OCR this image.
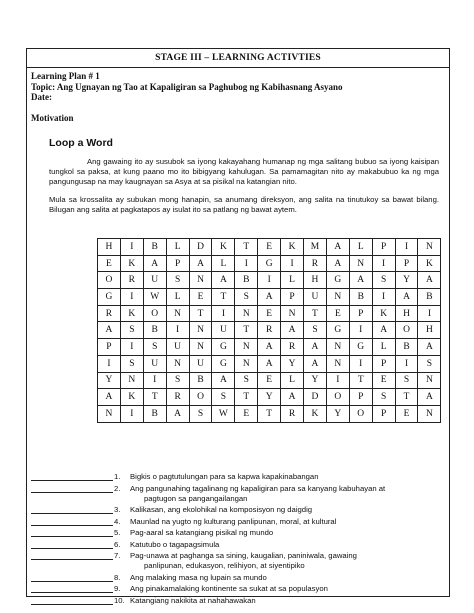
STAGE III – LEARNING ACTIVTIES
Learning Plan # 1
Topic: Ang Ugnayan ng Tao at Kapaligiran sa Paghubog ng Kabihasnang Asyano
Date:
Motivation
Loop a Word
Ang gawaing ito ay susubok sa iyong kakayahang humanap ng mga salitang bubuo sa iyong kaisipan tungkol sa paksa, at kung paano mo ito bibigyang kahulugan. Sa pamamagitan nito ay makabubuo ka ng mga pangungusap na may kaugnayan sa Asya at sa pisikal na katangian nito.
Mula sa krossalita ay subukan mong hanapin, sa anumang direksyon, ang salita na tinutukoy sa bawat bilang. Bilugan ang salita at pagkatapos ay isulat ito sa patlang ng bawat aytem.
H	I	B	L	D	K	T	E	K	M	A	L	P	I	N
E	K	A	P	A	L	I	G	I	R	A	N	I	P	K
O	R	U	S	N	A	B	I	L	H	G	A	S	Y	A
G	I	W	L	E	T	S	A	P	U	N	B	I	A	B
R	K	O	N	T	I	N	E	N	T	E	P	K	H	I
A	S	B	I	N	U	T	R	A	S	G	I	A	O	H
P	I	S	U	N	G	N	A	R	A	N	G	L	B	A
I	S	U	N	U	G	N	A	Y	A	N	I	P	I	S
Y	N	I	S	B	A	S	E	L	Y	I	T	E	S	N
A	K	T	R	O	S	T	Y	A	D	O	P	S	T	A
N	I	B	A	S	W	E	T	R	K	Y	O	P	E	N
1.	Bigkis o pagtutulungan para sa kapwa kapakinabangan
2.	Ang pangunahing tagalinang ng kapaligiran para sa kanyang kabuhayan at
pagtugon sa pangangailangan
3.	Kalikasan, ang ekolohikal na komposisyon ng daigdig
4.	Maunlad na yugto ng kulturang panlipunan, moral, at kultural
5.	Pag-aaral sa katangiang pisikal ng mundo
6.	Katutubo o tagapagsimula
7.	Pag-unawa at paghanga sa sining, kaugalian, paniniwala, gawaing
panlipunan, edukasyon, relihiyon, at siyentipiko
8.	Ang malaking masa ng lupain sa mundo
9.	Ang pinakamalaking kontinente sa sukat at sa populasyon
10. Katangiang nakikita at nahahawakan
